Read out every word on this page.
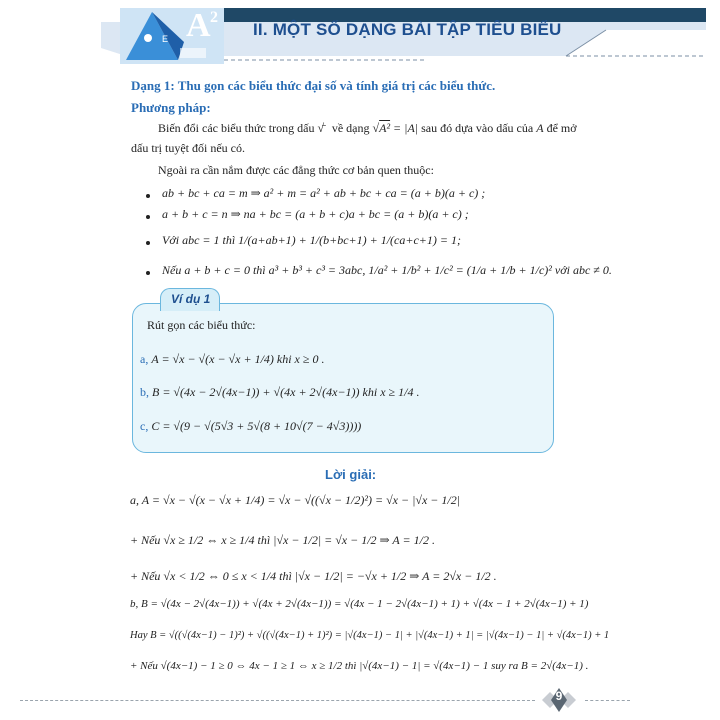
A 2
E	II. MỘT SỐ DẠNG BÀI TẬP TIÊU BIỂU
Dạng 1: Thu gọn các biểu thức đại số và tính giá trị các biểu thức.
Phương pháp:
Biến đổi các biểu thức trong dấu √̄   về dạng √A² = |A| sau đó dựa vào dấu của A để mở
dấu trị tuyệt đối nếu có.
Ngoài ra cần nắm được các đẳng thức cơ bản quen thuộc:
ab + bc + ca = m ⇒ a² + m = a² + ab + bc + ca = (a + b)(a + c) ;
a + b + c = n ⇒ na + bc = (a + b + c)a + bc = (a + b)(a + c) ;
Với abc = 1 thì 1/(a+ab+1) + 1/(b+bc+1) + 1/(ca+c+1) = 1;
Nếu a + b + c = 0 thì a³ + b³ + c³ = 3abc, 1/a² + 1/b² + 1/c² = (1/a + 1/b + 1/c)² với abc ≠ 0.
Ví dụ 1
Rút gọn các biểu thức:
a, A = √x − √(x − √x + 1/4) khi x ≥ 0 .
b, B = √(4x − 2√(4x−1)) + √(4x + 2√(4x−1)) khi x ≥ 1/4 .
c, C = √(9 − √(5√3 + 5√(8 + 10√(7 − 4√3))))
Lời giải:
a, A = √x − √(x − √x + 1/4) = √x − √((√x − 1/2)²) = √x − |√x − 1/2|
+ Nếu √x ≥ 1/2 ⇔ x ≥ 1/4 thì |√x − 1/2| = √x − 1/2 ⇒ A = 1/2 .
+ Nếu √x < 1/2 ⇔ 0 ≤ x < 1/4 thì |√x − 1/2| = −√x + 1/2 ⇒ A = 2√x − 1/2 .
b, B = √(4x − 2√(4x−1)) + √(4x + 2√(4x−1)) = √(4x − 1 − 2√(4x−1) + 1) + √(4x − 1 + 2√(4x−1) + 1)
Hay B = √((√(4x−1) − 1)²) + √((√(4x−1) + 1)²) = |√(4x−1) − 1| + |√(4x−1) + 1| = |√(4x−1) − 1| + √(4x−1) + 1
+ Nếu √(4x−1) − 1 ≥ 0 ⇔ 4x − 1 ≥ 1 ⇔ x ≥ 1/2 thì |√(4x−1) − 1| = √(4x−1) − 1 suy ra B = 2√(4x−1) .
9
